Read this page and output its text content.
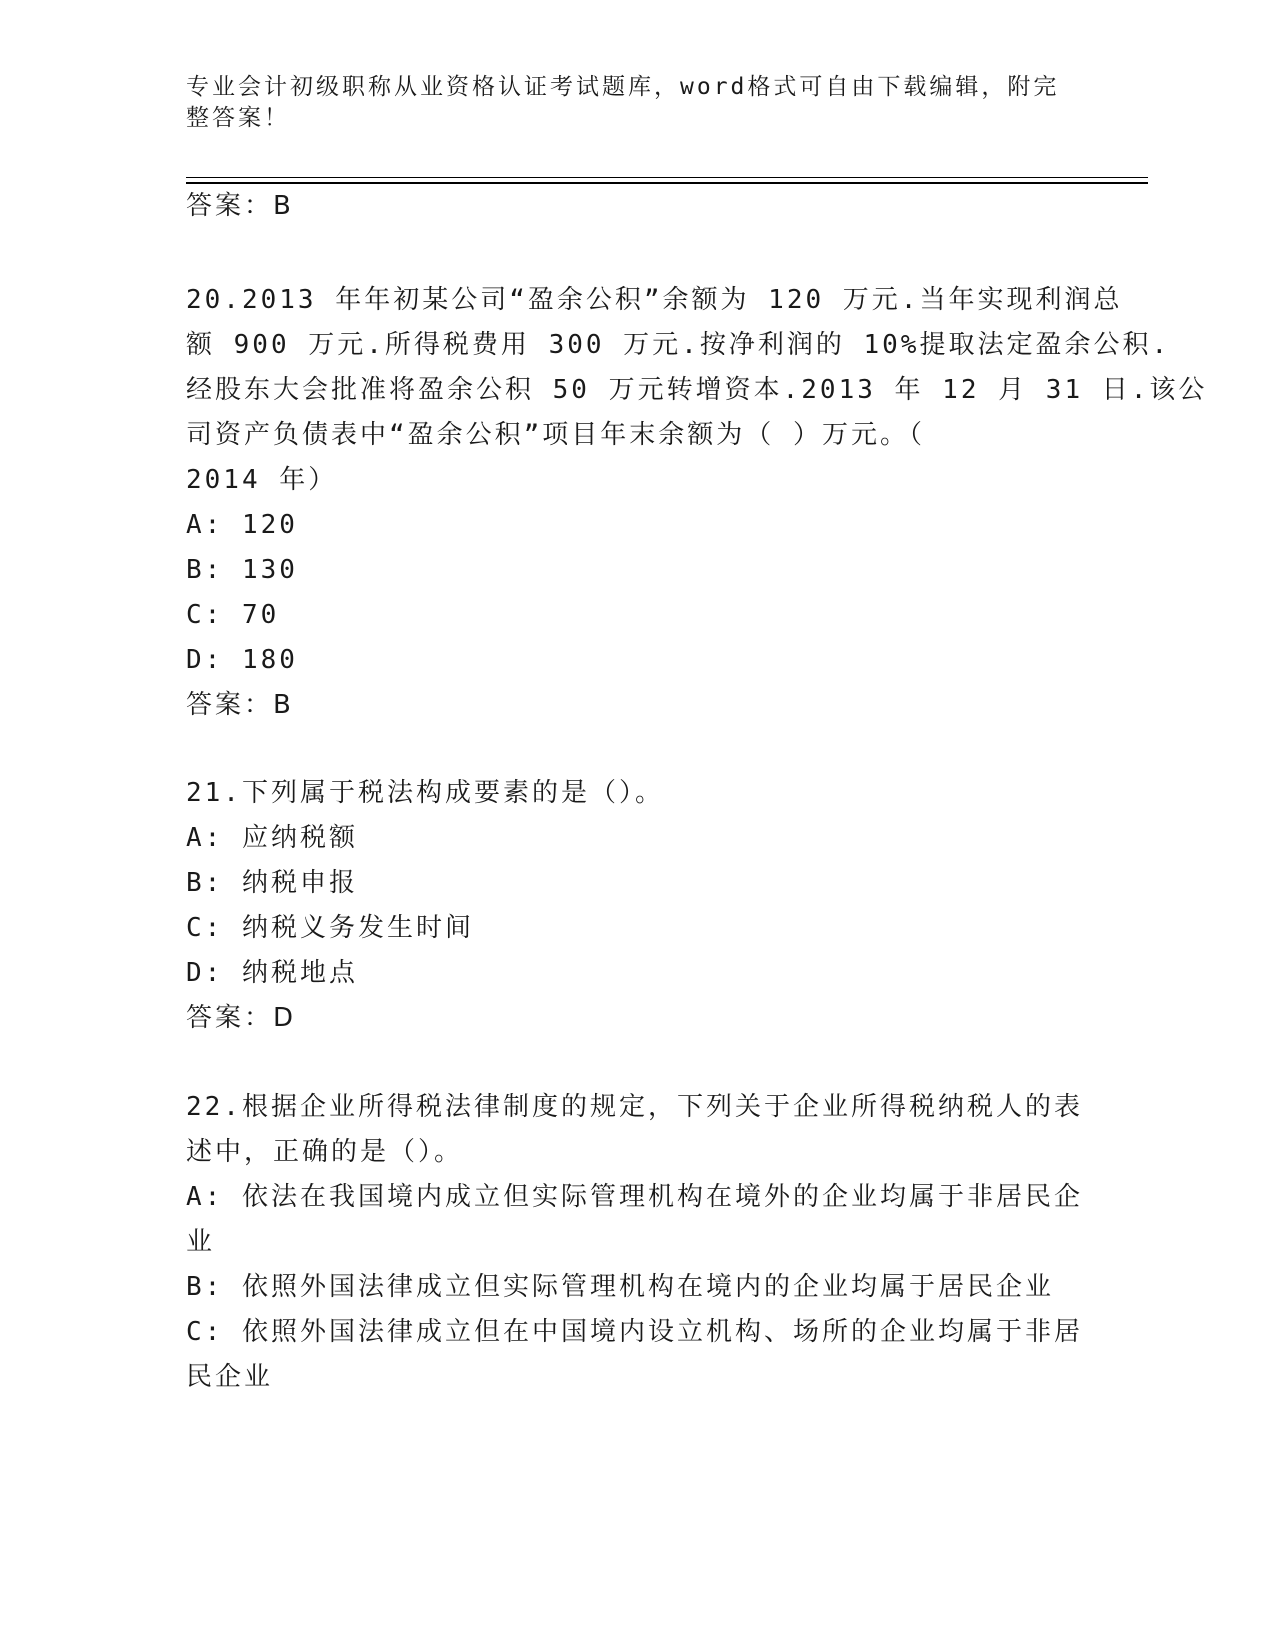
专业会计初级职称从业资格认证考试题库，word格式可自由下载编辑，附完整答案！
答案：B
20.2013 年年初某公司“盈余公积”余额为 120 万元.当年实现利润总
额 900 万元.所得税费用 300 万元.按净利润的 10%提取法定盈余公积.
经股东大会批准将盈余公积 50 万元转增资本.2013 年 12 月 31 日.该公
司资产负债表中“盈余公积”项目年末余额为（ ）万元。（
2014 年）
A: 120
B: 130
C: 70
D: 180
答案：B
21.下列属于税法构成要素的是（）。
A: 应纳税额
B: 纳税申报
C: 纳税义务发生时间
D: 纳税地点
答案：D
22.根据企业所得税法律制度的规定，下列关于企业所得税纳税人的表
述中，正确的是（）。
A: 依法在我国境内成立但实际管理机构在境外的企业均属于非居民企
业
B: 依照外国法律成立但实际管理机构在境内的企业均属于居民企业
C: 依照外国法律成立但在中国境内设立机构、场所的企业均属于非居
民企业
